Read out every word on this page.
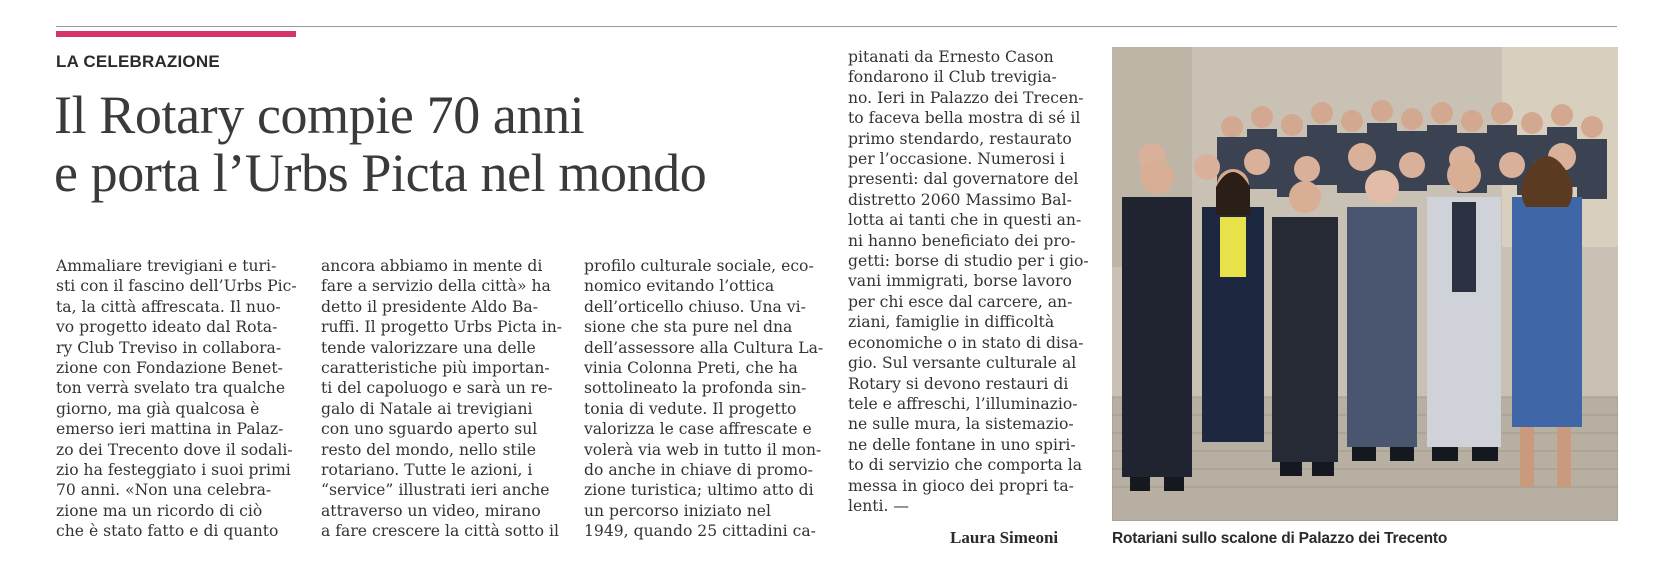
LA CELEBRAZIONE
Il Rotary compie 70 anni
e porta l’Urbs Picta nel mondo
Ammaliare trevigiani e turi-
sti con il fascino dell’Urbs Pic-
ta, la città affrescata. Il nuo-
vo progetto ideato dal Rota-
ry Club Treviso in collabora-
zione con Fondazione Benet-
ton verrà svelato tra qualche
giorno, ma già qualcosa è
emerso ieri mattina in Palaz-
zo dei Trecento dove il sodali-
zio ha festeggiato i suoi primi
70 anni. «Non una celebra-
zione ma un ricordo di ciò
che è stato fatto e di quanto
ancora abbiamo in mente di
fare a servizio della città» ha
detto il presidente Aldo Ba-
ruffi. Il progetto Urbs Picta in-
tende valorizzare una delle
caratteristiche più importan-
ti del capoluogo e sarà un re-
galo di Natale ai trevigiani
con uno sguardo aperto sul
resto del mondo, nello stile
rotariano. Tutte le azioni, i
“service” illustrati ieri anche
attraverso un video, mirano
a fare crescere la città sotto il
profilo culturale sociale, eco-
nomico evitando l’ottica
dell’orticello chiuso. Una vi-
sione che sta pure nel dna
dell’assessore alla Cultura La-
vinia Colonna Preti, che ha
sottolineato la profonda sin-
tonia di vedute. Il progetto
valorizza le case affrescate e
volerà via web in tutto il mon-
do anche in chiave di promo-
zione turistica; ultimo atto di
un percorso iniziato nel
1949, quando 25 cittadini ca-
pitanati da Ernesto Cason
fondarono il Club trevigia-
no. Ieri in Palazzo dei Trecen-
to faceva bella mostra di sé il
primo stendardo, restaurato
per l’occasione. Numerosi i
presenti: dal governatore del
distretto 2060 Massimo Bal-
lotta ai tanti che in questi an-
ni hanno beneficiato dei pro-
getti: borse di studio per i gio-
vani immigrati, borse lavoro
per chi esce dal carcere, an-
ziani, famiglie in difficoltà
economiche o in stato di disa-
gio. Sul versante culturale al
Rotary si devono restauri di
tele e affreschi, l’illuminazio-
ne sulle mura, la sistemazio-
ne delle fontane in uno spiri-
to di servizio che comporta la
messa in gioco dei propri ta-
lenti. —
Laura Simeoni	Rotariani sullo scalone di Palazzo dei Trecento
